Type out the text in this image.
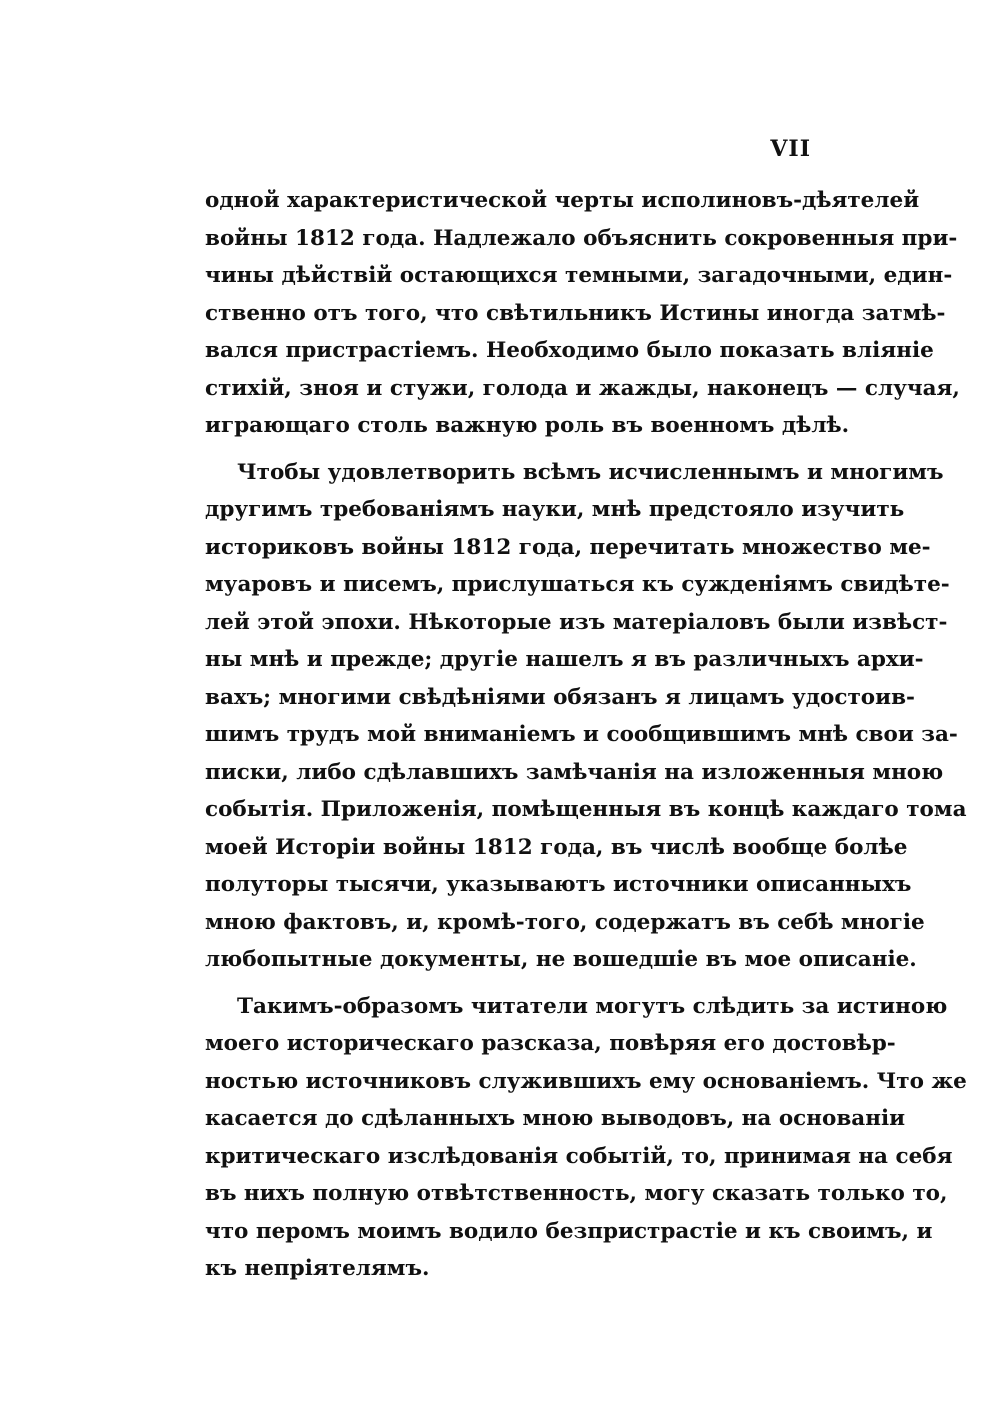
VII
одной характеристической черты исполиновъ-дѣятелей
войны 1812 года. Надлежало объяснить сокровенныя при-
чины дѣйствій остающихся темными, загадочными, един-
ственно отъ того, что свѣтильникъ Истины иногда затмѣ-
вался пристрастіемъ. Необходимо было показать вліяніе
стихій, зноя и стужи, голода и жажды, наконецъ — случая,
играющаго столь важную роль въ военномъ дѣлѣ.
Чтобы удовлетворить всѣмъ исчисленнымъ и многимъ
другимъ требованіямъ науки, мнѣ предстояло изучить
историковъ войны 1812 года, перечитать множество ме-
муаровъ и писемъ, прислушаться къ сужденіямъ свидѣте-
лей этой эпохи. Нѣкоторые изъ матеріаловъ были извѣст-
ны мнѣ и прежде; другіе нашелъ я въ различныхъ архи-
вахъ; многими свѣдѣніями обязанъ я лицамъ удостоив-
шимъ трудъ мой вниманіемъ и сообщившимъ мнѣ свои за-
писки, либо сдѣлавшихъ замѣчанія на изложенныя мною
событія. Приложенія, помѣщенныя въ концѣ каждаго тома
моей Исторіи войны 1812 года, въ числѣ вообще болѣе
полуторы тысячи, указываютъ источники описанныхъ
мною фактовъ, и, кромѣ-того, содержатъ въ себѣ многіе
любопытные документы, не вошедшіе въ мое описаніе.
Такимъ-образомъ читатели могутъ слѣдить за истиною
моего историческаго разсказа, повѣряя его достовѣр-
ностью источниковъ служившихъ ему основаніемъ. Что же
касается до сдѣланныхъ мною выводовъ, на основаніи
критическаго изслѣдованія событій, то, принимая на себя
въ нихъ полную отвѣтственность, могу сказать только то,
что перомъ моимъ водило безпристрастіе и къ своимъ, и
къ непріятелямъ.
